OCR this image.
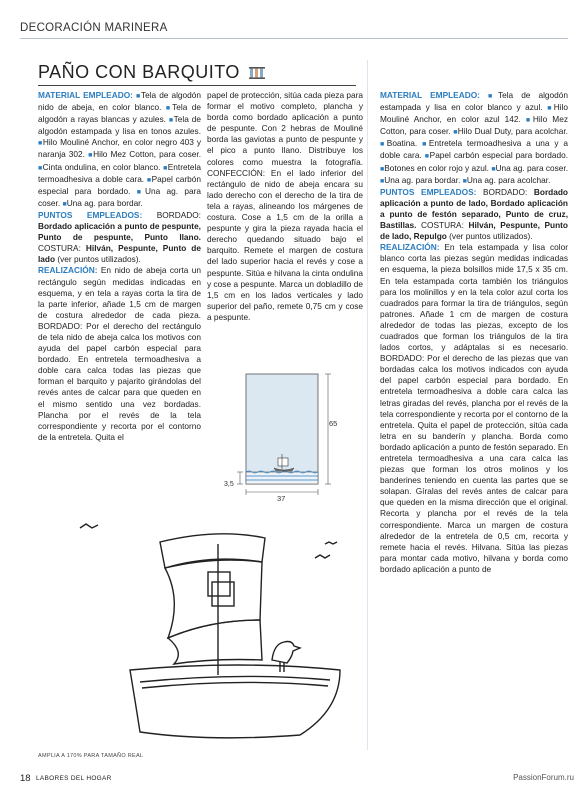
DECORACIÓN MARINERA
PAÑO CON BARQUITO

MATERIAL EMPLEADO: ■Tela de algodón nido de abeja, en color blanco. ■Tela de algodón a rayas blancas y azules. ■Tela de algodón estampada y lisa en tonos azules. ■Hilo Mouliné Anchor, en color negro 403 y naranja 302. ■Hilo Mez Cotton, para coser. ■Cinta ondulina, en color blanco. ■Entretela termoadhesiva a doble cara. ■Papel carbón especial para bordado. ■Una ag. para coser. ■Una ag. para bordar.

PUNTOS EMPLEADOS: BORDADO: Bordado aplicación a punto de pespunte, Punto de pespunte, Punto llano. COSTURA: Hilván, Pespunte, Punto de lado (ver puntos utilizados).

REALIZACIÓN: En nido de abeja corta un rectángulo según medidas indicadas en esquema, y en tela a rayas corta la tira de la parte inferior, añade 1,5 cm de margen de costura alrededor de cada pieza. BORDADO: Por el derecho del rectángulo de tela nido de abeja calca los motivos con ayuda del papel carbón especial para bordado. En entretela termoadhesiva a doble cara calca todas las piezas que forman el barquito y pajarito girándolas del revés antes de calcar para que queden en el mismo sentido una vez bordadas. Plancha por el revés de la tela correspondiente y recorta por el contorno de la entretela. Quita el

papel de protección, sitúa cada pieza para formar el motivo completo, plancha y borda como bordado aplicación a punto de pespunte. Con 2 hebras de Mouliné borda las gaviotas a punto de pespunte y el pico a punto llano. Distribuye los colores como muestra la fotografía. CONFECCIÓN: En el lado inferior del rectángulo de nido de abeja encara su lado derecho con el derecho de la tira de tela a rayas, alineando los márgenes de costura. Cose a 1,5 cm de la orilla a pespunte y gira la pieza rayada hacia el derecho quedando situado bajo el barquito. Remete el margen de costura del lado superior hacia el revés y cose a pespunte. Sitúa e hilvana la cinta ondulina y cose a pespunte. Marca un dobladillo de 1,5 cm en los lados verticales y lado superior del paño, remete 0,75 cm y cose a pespunte.

MATERIAL EMPLEADO: ■Tela de algodón estampada y lisa en color blanco y azul. ■Hilo Mouliné Anchor, en color azul 142. ■Hilo Mez Cotton, para coser. ■Hilo Dual Duty, para acolchar. ■Boatina. ■Entretela termoadhesiva a una y a doble cara. ■Papel carbón especial para bordado. ■Botones en color rojo y azul. ■Una ag. para coser. ■Una ag. para bordar. ■Una ag. para acolchar.

PUNTOS EMPLEADOS: BORDADO: Bordado aplicación a punto de lado, Bordado aplicación a punto de festón separado, Punto de cruz, Bastillas. COSTURA: Hilván, Pespunte, Punto de lado, Repulgo (ver puntos utilizados).

REALIZACIÓN: En tela estampada y lisa color blanco corta las piezas según medidas indicadas en esquema, la pieza bolsillos mide 17,5 x 35 cm. En tela estampada corta también los triángulos para los molinillos y en la tela color azul corta los cuadrados para formar la tira de triángulos, según patrones. Añade 1 cm de margen de costura alrededor de todas las piezas, excepto de los cuadrados que forman los triángulos de la tira lados cortos, y adáptalas si es necesario. BORDADO: Por el derecho de las piezas que van bordadas calca los motivos indicados con ayuda del papel carbón especial para bordado. En entretela termoadhesiva a doble cara calca las letras giradas del revés, plancha por el revés de la tela correspondiente y recorta por el contorno de la entretela. Quita el papel de protección, sitúa cada letra en su banderín y plancha. Borda como bordado aplicación a punto de festón separado. En entretela termoadhesiva a una cara calca las piezas que forman los otros molinos y los banderines teniendo en cuenta las partes que se solapan. Gíralas del revés antes de calcar para que queden en la misma dirección que el original. Recorta y plancha por el revés de la tela correspondiente. Marca un margen de costura alrededor de la entretela de 0,5 cm, recorta y remete hacia el revés. Hilvana. Sitúa las piezas para montar cada motivo, hilvana y borda como bordado aplicación a punto de

65
37
3,5
AMPLIA A 170% PARA TAMAÑO REAL
18 LABORES DEL HOGAR	PassionForum.ru
